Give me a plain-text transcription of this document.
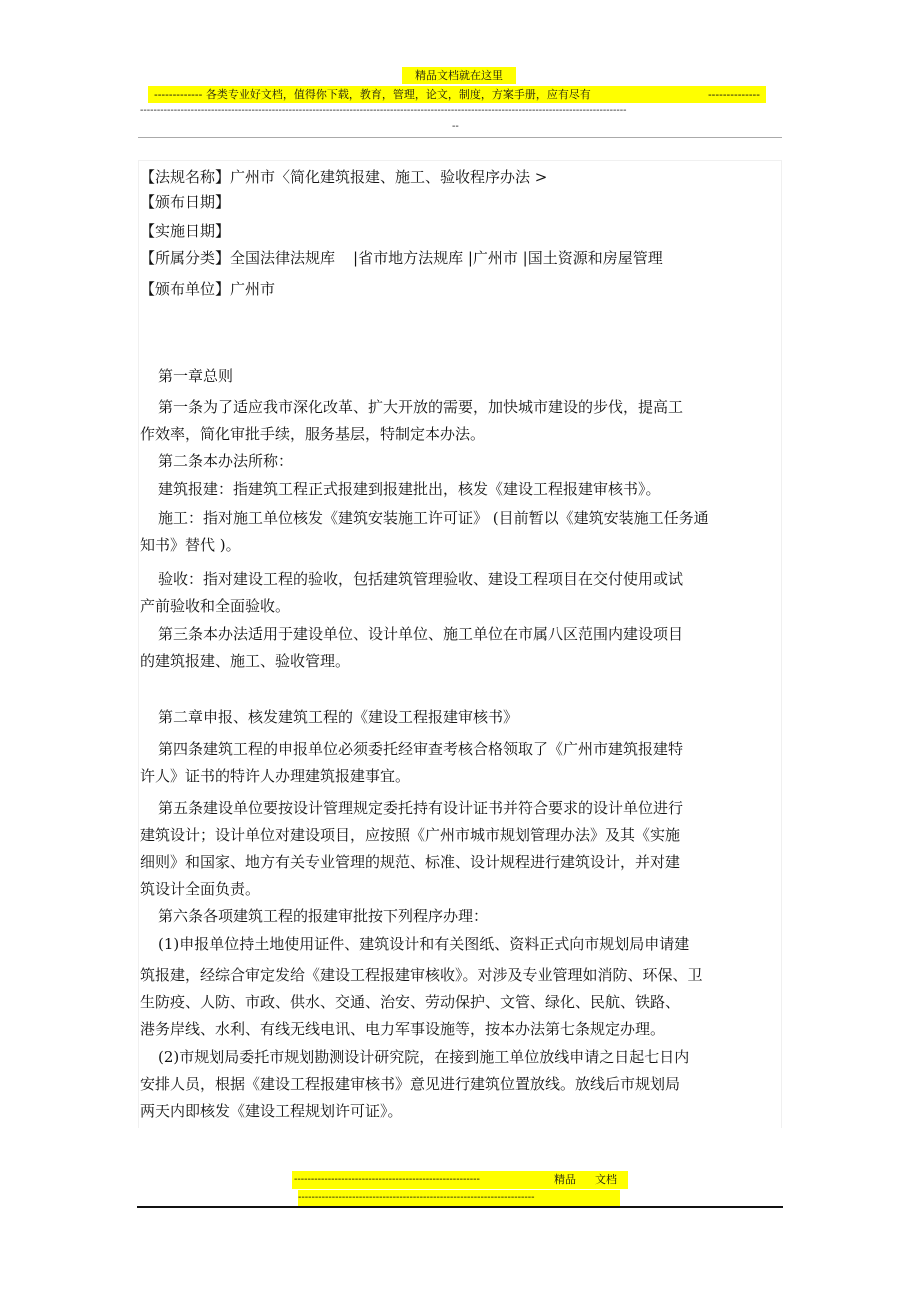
精品文档就在这里
------------- 各类专业好文档，值得你下载，教育，管理，论文，制度，方案手册，应有尽有	--------------
------------------------------------------------------------------------------------------------------------------------------------------------
--
【法规名称】广州市〈简化建筑报建、施工、验收程序办法 >
【颁布日期】
【实施日期】
【所属分类】全国法律法规库 |省市地方法规库 |广州市 |国土资源和房屋管理
【颁布单位】广州市
第一章总则
第一条为了适应我市深化改革、扩大开放的需要，加快城市建设的步伐，提高工
作效率，简化审批手续，服务基层，特制定本办法。
第二条本办法所称：
建筑报建：指建筑工程正式报建到报建批出，核发《建设工程报建审核书》。
施工：指对施工单位核发《建筑安装施工许可证》 (目前暂以《建筑安装施工任务通
知书》替代 )。
验收：指对建设工程的验收，包括建筑管理验收、建设工程项目在交付使用或试
产前验收和全面验收。
第三条本办法适用于建设单位、设计单位、施工单位在市属八区范围内建设项目
的建筑报建、施工、验收管理。
第二章申报、核发建筑工程的《建设工程报建审核书》
第四条建筑工程的申报单位必须委托经审查考核合格领取了《广州市建筑报建特
许人》证书的特许人办理建筑报建事宜。
第五条建设单位要按设计管理规定委托持有设计证书并符合要求的设计单位进行
建筑设计；设计单位对建设项目，应按照《广州市城市规划管理办法》及其《实施
细则》和国家、地方有关专业管理的规范、标准、设计规程进行建筑设计，并对建
筑设计全面负责。
第六条各项建筑工程的报建审批按下列程序办理：
(1)申报单位持土地使用证件、建筑设计和有关图纸、资料正式向市规划局申请建
筑报建，经综合审定发给《建设工程报建审核收》。对涉及专业管理如消防、环保、卫
生防疫、人防、市政、供水、交通、治安、劳动保护、文管、绿化、民航、铁路、
港务岸线、水利、有线无线电讯、电力军事设施等，按本办法第七条规定办理。
(2)市规划局委托市规划勘测设计研究院，在接到施工单位放线申请之日起七日内
安排人员，根据《建设工程报建审核书》意见进行建筑位置放线。放线后市规划局
两天内即核发《建设工程规划许可证》。
-------------------------------------------------------	精品 文档
----------------------------------------------------------------------
